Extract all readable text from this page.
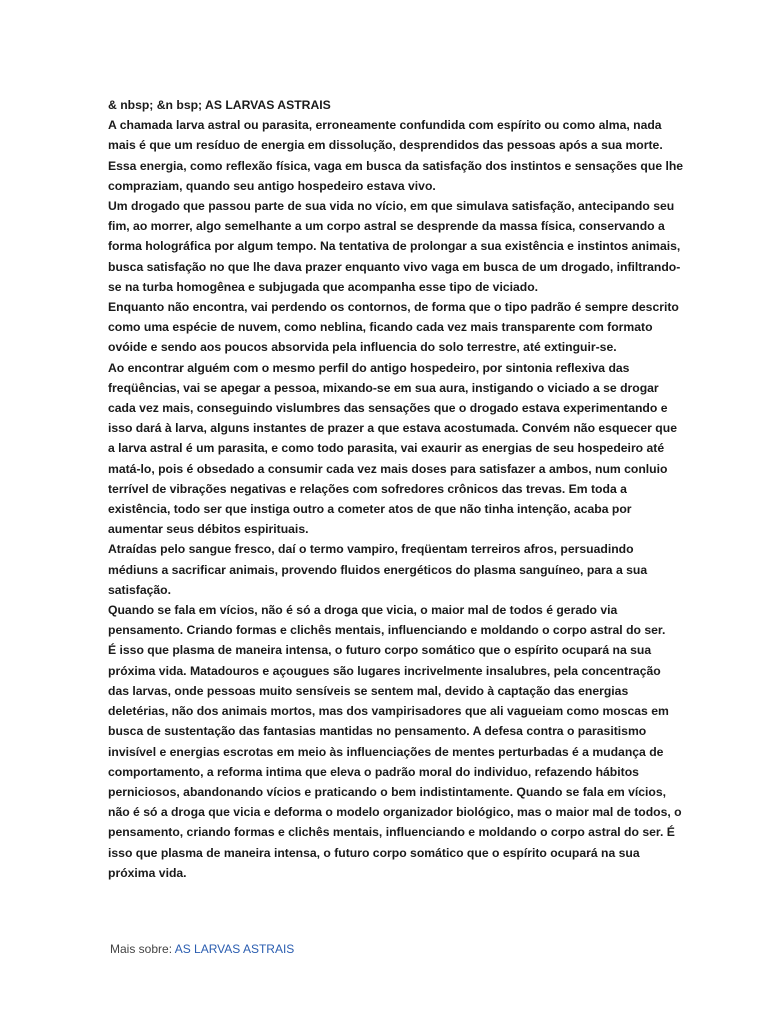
& nbsp; &n bsp; AS LARVAS ASTRAIS
A chamada larva astral ou parasita, erroneamente confundida com espírito ou como alma, nada
mais é que um resíduo de energia em dissolução, desprendidos das pessoas após a sua morte.
Essa energia, como reflexão física, vaga em busca da satisfação dos instintos e sensações que lhe
compraziam, quando seu antigo hospedeiro estava vivo.
Um drogado que passou parte de sua vida no vício, em que simulava satisfação, antecipando seu
fim, ao morrer, algo semelhante a um corpo astral se desprende da massa física, conservando a
forma holográfica por algum tempo. Na tentativa de prolongar a sua existência e instintos animais,
busca satisfação no que lhe dava prazer enquanto vivo vaga em busca de um drogado, infiltrando-
se na turba homogênea e subjugada que acompanha esse tipo de viciado.
Enquanto não encontra, vai perdendo os contornos, de forma que o tipo padrão é sempre descrito
como uma espécie de nuvem, como neblina, ficando cada vez mais transparente com formato
ovóide e sendo aos poucos absorvida pela influencia do solo terrestre, até extinguir-se.
Ao encontrar alguém com o mesmo perfil do antigo hospedeiro, por sintonia reflexiva das
freqüências, vai se apegar a pessoa, mixando-se em sua aura, instigando o viciado a se drogar
cada vez mais, conseguindo vislumbres das sensações que o drogado estava experimentando e
isso dará à larva, alguns instantes de prazer a que estava acostumada. Convém não esquecer que
a larva astral é um parasita, e como todo parasita, vai exaurir as energias de seu hospedeiro até
matá-lo, pois é obsedado a consumir cada vez mais doses para satisfazer a ambos, num conluio
terrível de vibrações negativas e relações com sofredores crônicos das trevas. Em toda a
existência, todo ser que instiga outro a cometer atos de que não tinha intenção, acaba por
aumentar seus débitos espirituais.
Atraídas pelo sangue fresco, daí o termo vampiro, freqüentam terreiros afros, persuadindo
médiuns a sacrificar animais, provendo fluidos energéticos do plasma sanguíneo, para a sua
satisfação.
Quando se fala em vícios, não é só a droga que vicia, o maior mal de todos é gerado via
pensamento. Criando formas e clichês mentais, influenciando e moldando o corpo astral do ser.
É isso que plasma de maneira intensa, o futuro corpo somático que o espírito ocupará na sua
próxima vida. Matadouros e açougues são lugares incrivelmente insalubres, pela concentração
das larvas, onde pessoas muito sensíveis se sentem mal, devido à captação das energias
deletérias, não dos animais mortos, mas dos vampirisadores que ali vagueiam como moscas em
busca de sustentação das fantasias mantidas no pensamento. A defesa contra o parasitismo
invisível e energias escrotas em meio às influenciações de mentes perturbadas é a mudança de
comportamento, a reforma intima que eleva o padrão moral do individuo, refazendo hábitos
perniciosos, abandonando vícios e praticando o bem indistintamente. Quando se fala em vícios,
não é só a droga que vicia e deforma o modelo organizador biológico, mas o maior mal de todos, o
pensamento, criando formas e clichês mentais, influenciando e moldando o corpo astral do ser. É
isso que plasma de maneira intensa, o futuro corpo somático que o espírito ocupará na sua
próxima vida.
Mais sobre: AS LARVAS ASTRAIS
